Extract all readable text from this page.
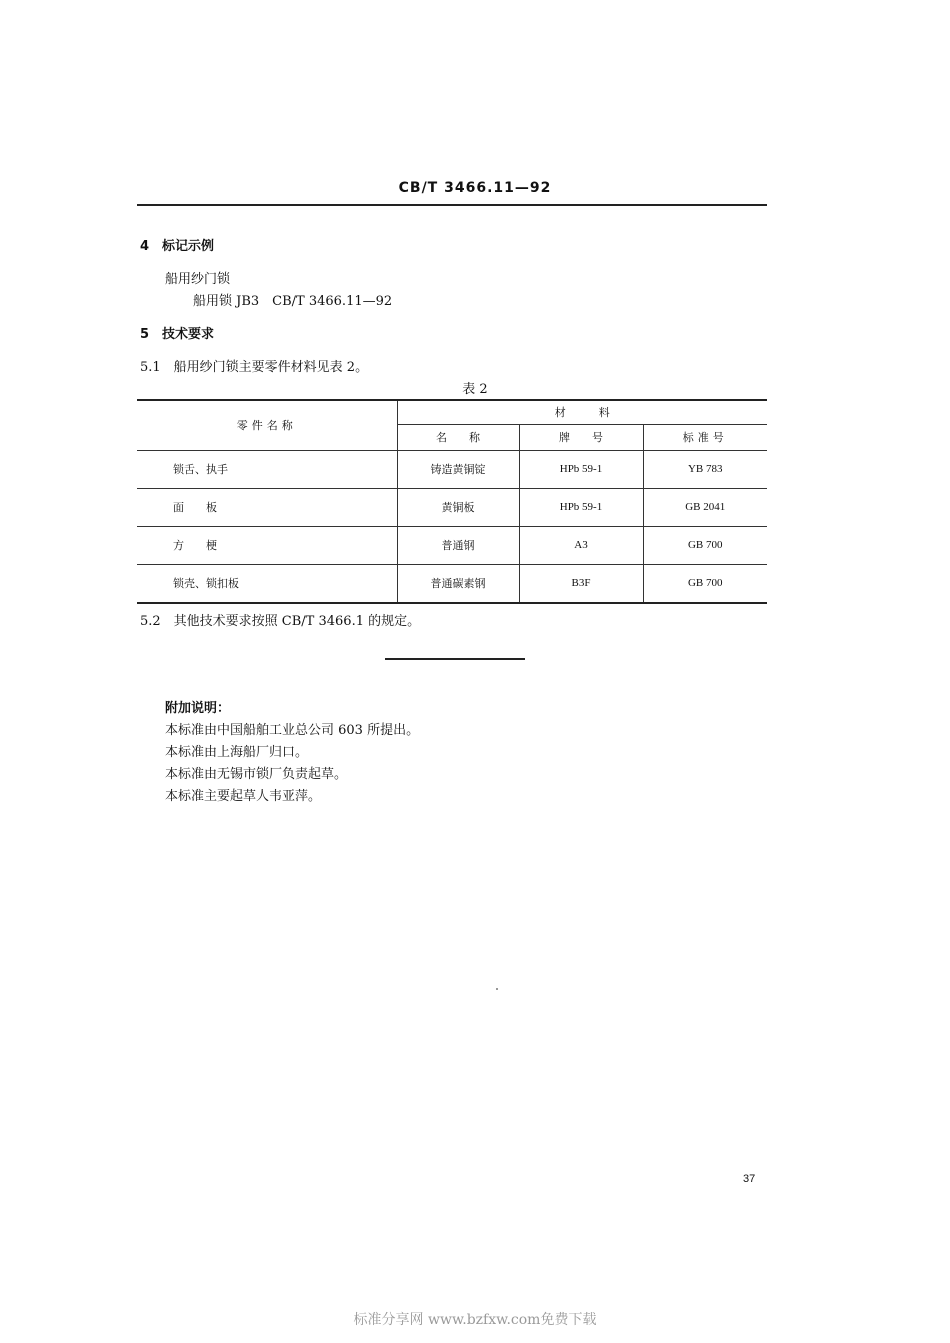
CB/T 3466.11—92
4　标记示例
船用纱门锁
船用锁 JB3　CB/T 3466.11—92
5　技术要求
5.1　船用纱门锁主要零件材料见表 2。
表 2
零件名称	材　　　料		
	名　　称	牌　　号	标准号
锁舌、执手	铸造黄铜锭	HPb 59-1	YB 783
面　　板	黄铜板	HPb 59-1	GB 2041
方　　梗	普通钢	A3	GB 700
锁壳、锁扣板	普通碳素钢	B3F	GB 700
5.2　其他技术要求按照 CB/T 3466.1 的规定。
附加说明：
本标准由中国船舶工业总公司 603 所提出。
本标准由上海船厂归口。
本标准由无锡市锁厂负责起草。
本标准主要起草人韦亚萍。
37
标准分享网 www.bzfxw.com免费下载
